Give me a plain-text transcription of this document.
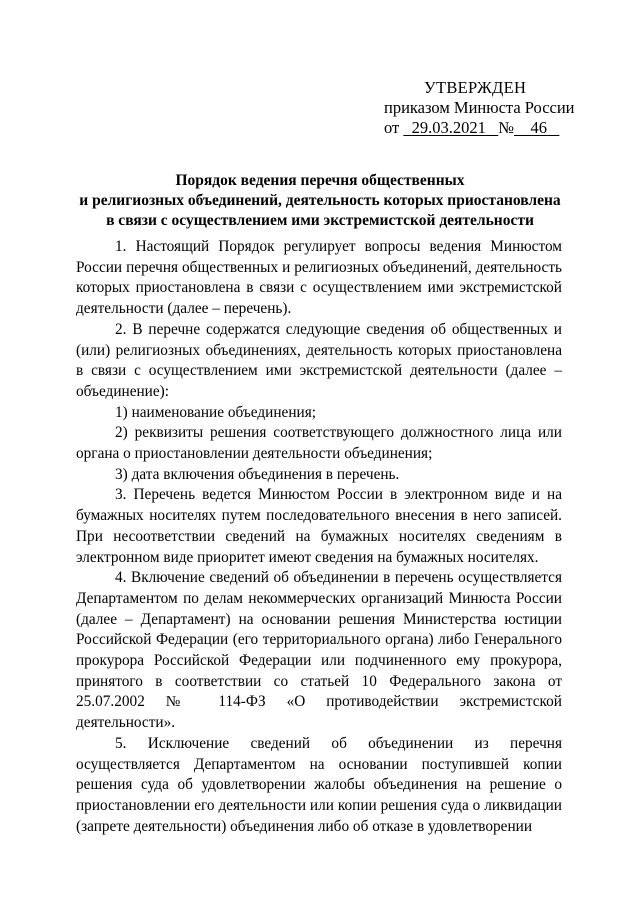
УТВЕРЖДЕН
приказом Минюста России
от 29.03.2021 № 46
Порядок ведения перечня общественных
и религиозных объединений, деятельность которых приостановлена
в связи с осуществлением ими экстремистской деятельности

1. Настоящий Порядок регулирует вопросы ведения Минюстом России перечня общественных и религиозных объединений, деятельность которых приостановлена в связи с осуществлением ими экстремистской деятельности (далее – перечень).

2. В перечне содержатся следующие сведения об общественных и (или) религиозных объединениях, деятельность которых приостановлена в связи с осуществлением ими экстремистской деятельности (далее – объединение):

1) наименование объединения;

2) реквизиты решения соответствующего должностного лица или органа о приостановлении деятельности объединения;

3) дата включения объединения в перечень.

3. Перечень ведется Минюстом России в электронном виде и на бумажных носителях путем последовательного внесения в него записей. При несоответствии сведений на бумажных носителях сведениям в электронном виде приоритет имеют сведения на бумажных носителях.

4. Включение сведений об объединении в перечень осуществляется Департаментом по делам некоммерческих организаций Минюста России (далее – Департамент) на основании решения Министерства юстиции Российской Федерации (его территориального органа) либо Генерального прокурора Российской Федерации или подчиненного ему прокурора, принятого в соответствии со статьей 10 Федерального закона от 25.07.2002 № 114-ФЗ «О противодействии экстремистской деятельности».

5. Исключение сведений об объединении из перечня осуществляется Департаментом на основании поступившей копии решения суда об удовлетворении жалобы объединения на решение о приостановлении его деятельности или копии решения суда о ликвидации (запрете деятельности) объединения либо об отказе в удовлетворении
